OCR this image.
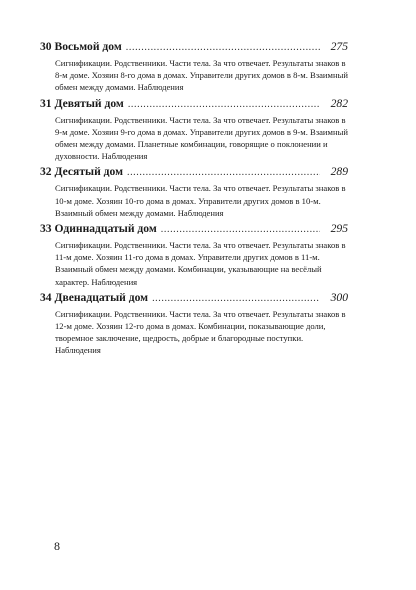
30 Восьмой дом .....	275
Сигнификации. Родственники. Части тела. За что отвечает. Результаты знаков в 8-м доме. Хозяин 8-го дома в домах. Управители других домов в 8-м. Взаимный обмен между домами. Наблюдения
31 Девятый дом .....	282
Сигнификации. Родственники. Части тела. За что отвечает. Результаты знаков в 9-м доме. Хозяин 9-го дома в домах. Управители других домов в 9-м. Взаимный обмен между домами. Планетные комбинации, говорящие о поклонении и духовности. Наблюдения
32 Десятый дом .....	289
Сигнификации. Родственники. Части тела. За что отвечает. Результаты знаков в 10-м доме. Хозяин 10-го дома в домах. Управители других домов в 10-м. Взаимный обмен между домами. Наблюдения
33 Одиннадцатый дом .....	295
Сигнификации. Родственники. Части тела. За что отвечает. Результаты знаков в 11-м доме. Хозяин 11-го дома в домах. Управители других домов в 11-м. Взаимный обмен между домами. Комбинации, указывающие на весёлый характер. Наблюдения
34 Двенадцатый дом .....	300
Сигнификации. Родственники. Части тела. За что отвечает. Результаты знаков в 12-м доме. Хозяин 12-го дома в домах. Комбинации, показывающие доли, творемное заключение, щедрость, добрые и благородные поступки. Наблюдения
8
